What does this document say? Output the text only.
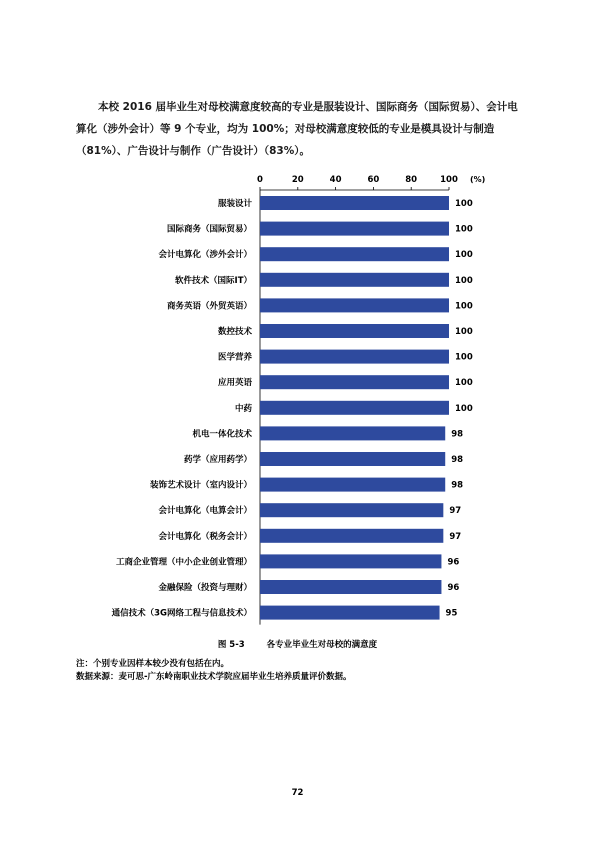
本校 2016 届毕业生对母校满意度较高的专业是服装设计、国际商务（国际贸易）、会计电算化（涉外会计）等 9 个专业，均为 100%；对母校满意度较低的专业是模具设计与制造（81%）、广告设计与制作（广告设计）（83%）。

0	20	40	60	80	100 (%)
服装设计	100
国际商务（国际贸易）	100
会计电算化（涉外会计）	100
软件技术（国际IT）	100
商务英语（外贸英语）	100
数控技术	100
医学营养	100
应用英语	100
中药	100
机电一体化技术	98
药学（应用药学）	98
装饰艺术设计（室内设计）	98
会计电算化（电算会计）	97
会计电算化（税务会计）	97
工商企业管理（中小企业创业管理）	96
金融保险（投资与理财）	96
通信技术（3G网络工程与信息技术）	95
图 5-3	各专业毕业生对母校的满意度
注：个别专业因样本较少没有包括在内。
数据来源：麦可思-广东岭南职业技术学院应届毕业生培养质量评价数据。
72
